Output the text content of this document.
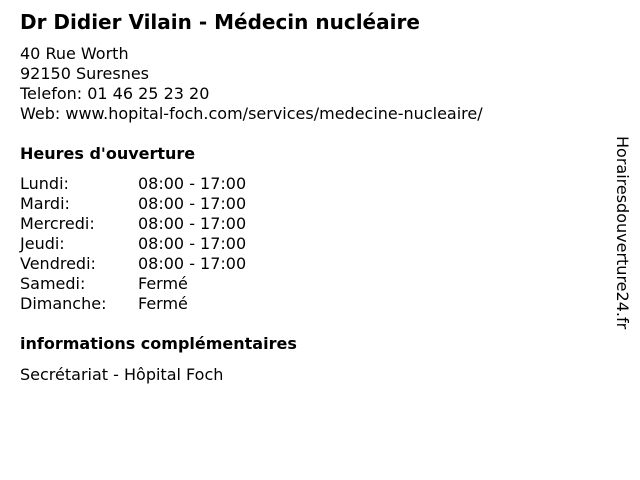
Dr Didier Vilain - Médecin nucléaire
40 Rue Worth
92150 Suresnes
Telefon: 01 46 25 23 20
Web: www.hopital-foch.com/services/medecine-nucleaire/
Heures d'ouverture
Lundi:	08:00 - 17:00
Mardi:	08:00 - 17:00
Mercredi:	08:00 - 17:00
Jeudi:	08:00 - 17:00
Vendredi:	08:00 - 17:00
Samedi:	Fermé
Dimanche: Fermé
informations complémentaires
Secrétariat - Hôpital Foch
Horairesdouverture24.fr
